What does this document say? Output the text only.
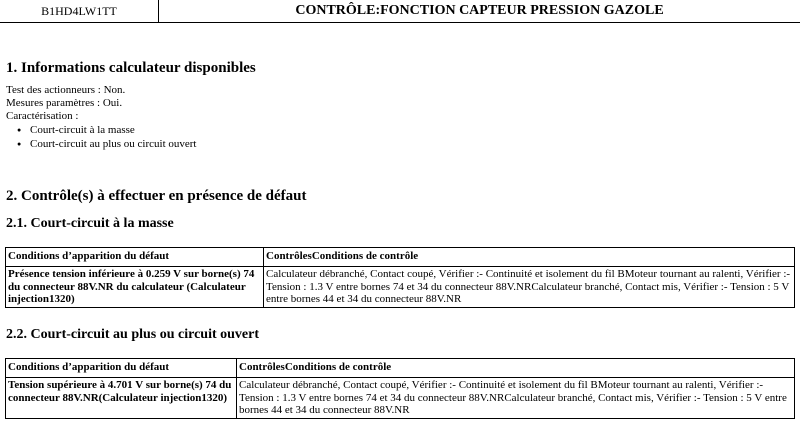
B1HD4LW1TT	CONTRÔLE:FONCTION CAPTEUR PRESSION GAZOLE
1. Informations calculateur disponibles
Test des actionneurs : Non.
Mesures paramètres : Oui.
Caractérisation :
● Court-circuit à la masse
● Court-circuit au plus ou circuit ouvert
2. Contrôle(s) à effectuer en présence de défaut
2.1. Court-circuit à la masse
Conditions d’apparition du défaut	ContrôlesConditions de contrôle
Présence tension inférieure à 0.259 V sur borne(s) 74 du connecteur 88V.NR du calculateur (Calculateur injection1320)	Calculateur débranché, Contact coupé, Vérifier :- Continuité et isolement du fil BMoteur tournant au ralenti, Vérifier :- Tension : 1.3 V entre bornes 74 et 34 du connecteur 88V.NRCalculateur branché, Contact mis, Vérifier :- Tension : 5 V entre bornes 44 et 34 du connecteur 88V.NR
2.2. Court-circuit au plus ou circuit ouvert
Conditions d’apparition du défaut	ContrôlesConditions de contrôle
Tension supérieure à 4.701 V sur borne(s) 74 du connecteur 88V.NR(Calculateur injection1320)	Calculateur débranché, Contact coupé, Vérifier :- Continuité et isolement du fil BMoteur tournant au ralenti, Vérifier :- Tension : 1.3 V entre bornes 74 et 34 du connecteur 88V.NRCalculateur branché, Contact mis, Vérifier :- Tension : 5 V entre bornes 44 et 34 du connecteur 88V.NR
